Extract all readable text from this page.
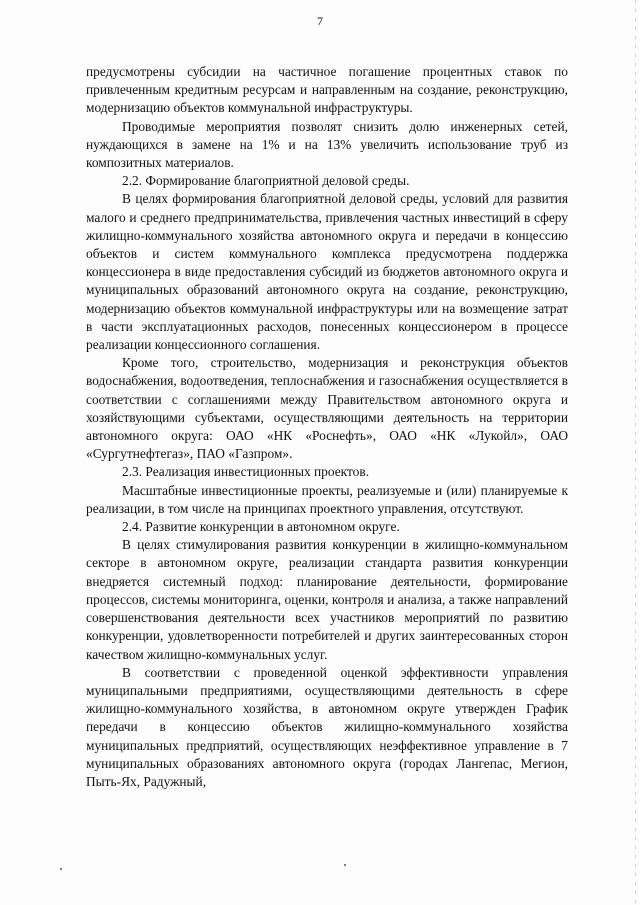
7

предусмотрены субсидии на частичное погашение процентных ставок по привлеченным кредитным ресурсам и направленным на создание, реконструкцию, модернизацию объектов коммунальной инфраструктуры.

Проводимые мероприятия позволят снизить долю инженерных сетей, нуждающихся в замене на 1% и на 13% увеличить использование труб из композитных материалов.

2.2. Формирование благоприятной деловой среды.

В целях формирования благоприятной деловой среды, условий для развития малого и среднего предпринимательства, привлечения частных инвестиций в сферу жилищно-коммунального хозяйства автономного округа и передачи в концессию объектов и систем коммунального комплекса предусмотрена поддержка концессионера в виде предоставления субсидий из бюджетов автономного округа и муниципальных образований автономного округа на создание, реконструкцию, модернизацию объектов коммунальной инфраструктуры или на возмещение затрат в части эксплуатационных расходов, понесенных концессионером в процессе реализации концессионного соглашения.

Кроме того, строительство, модернизация и реконструкция объектов водоснабжения, водоотведения, теплоснабжения и газоснабжения осуществляется в соответствии с соглашениями между Правительством автономного округа и хозяйствующими субъектами, осуществляющими деятельность на территории автономного округа: ОАО «НК «Роснефть», ОАО «НК «Лукойл», ОАО «Сургутнефтегаз», ПАО «Газпром».

2.3. Реализация инвестиционных проектов.

Масштабные инвестиционные проекты, реализуемые и (или) планируемые к реализации, в том числе на принципах проектного управления, отсутствуют.

2.4. Развитие конкуренции в автономном округе.

В целях стимулирования развития конкуренции в жилищно-коммунальном секторе в автономном округе, реализации стандарта развития конкуренции внедряется системный подход: планирование деятельности, формирование процессов, системы мониторинга, оценки, контроля и анализа, а также направлений совершенствования деятельности всех участников мероприятий по развитию конкуренции, удовлетворенности потребителей и других заинтересованных сторон качеством жилищно-коммунальных услуг.

В соответствии с проведенной оценкой эффективности управления муниципальными предприятиями, осуществляющими деятельность в сфере жилищно-коммунального хозяйства, в автономном округе утвержден График передачи в концессию объектов жилищно-коммунального хозяйства муниципальных предприятий, осуществляющих неэффективное управление в 7 муниципальных образованиях автономного округа (городах Лангепас, Мегион, Пыть-Ях, Радужный,
